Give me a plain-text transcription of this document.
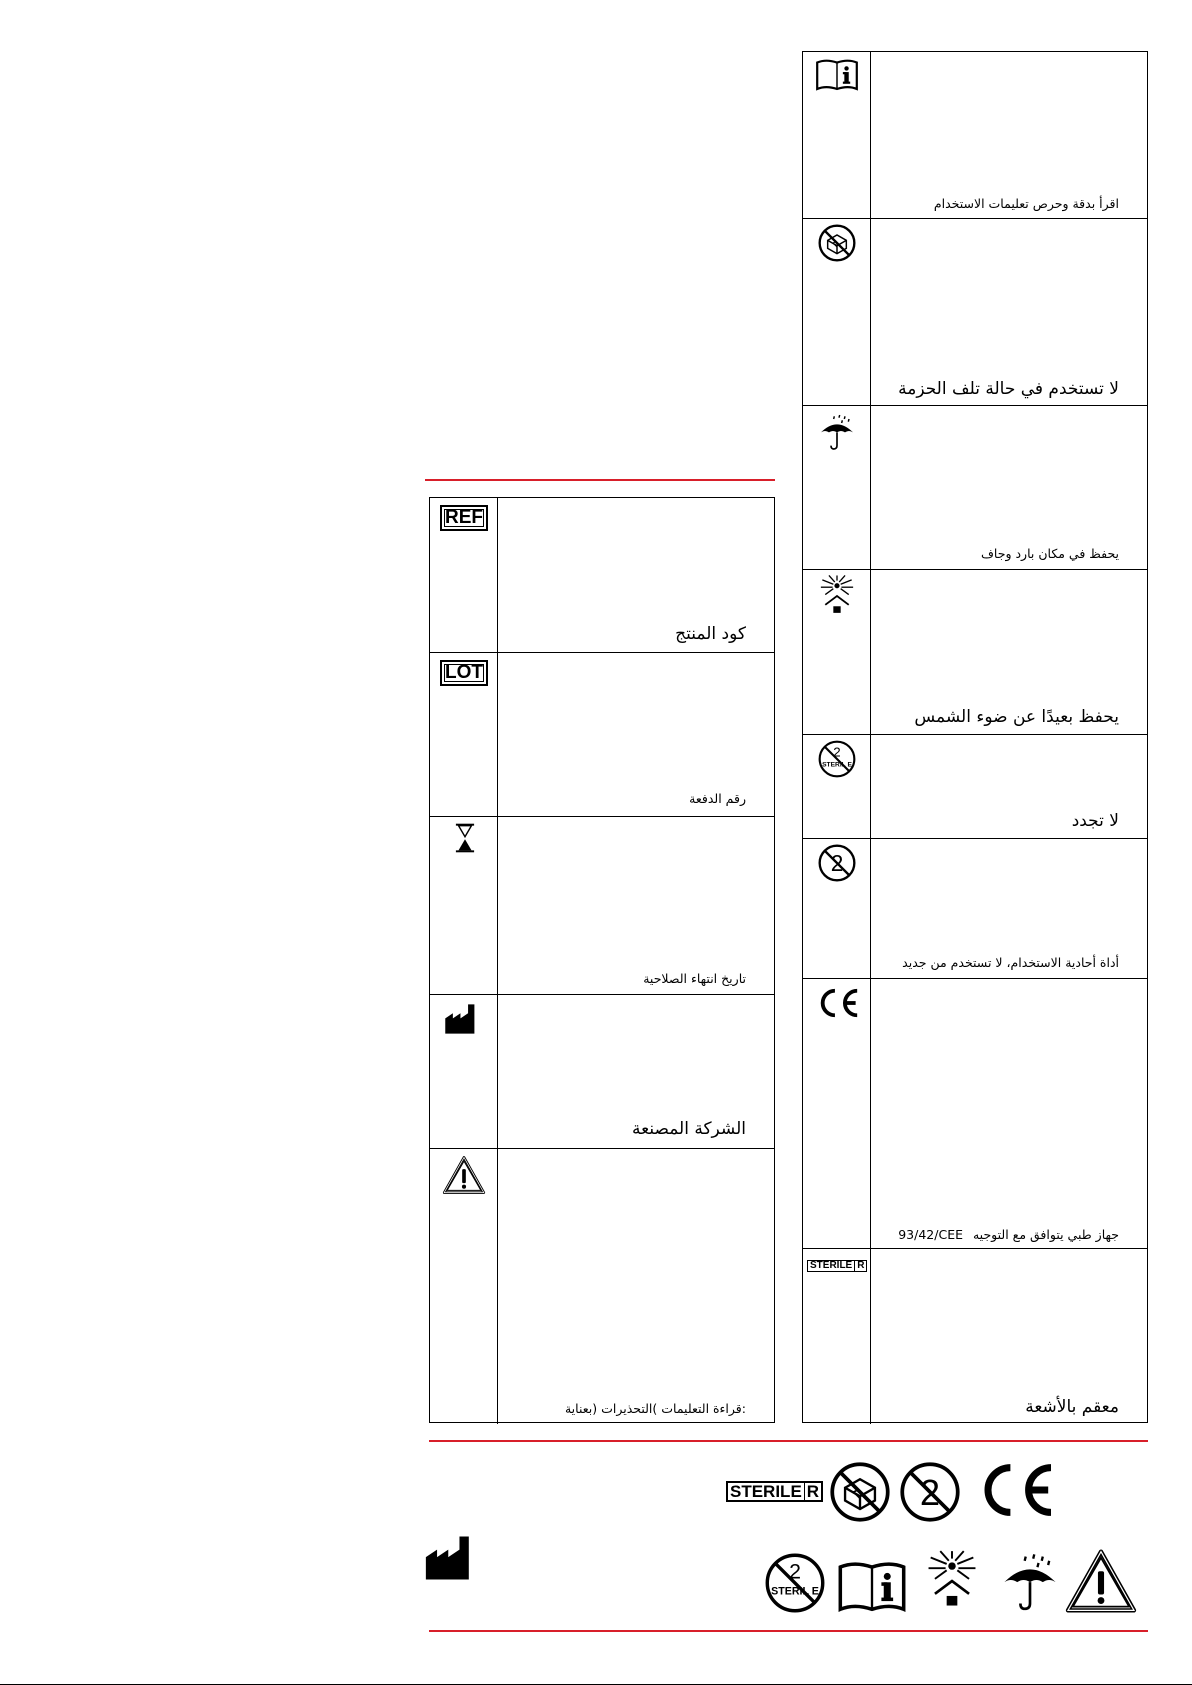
REF
كود المنتج
LOT
رقم الدفعة
تاريخ انتهاء الصلاحية
الشركة المصنعة
:قراءة التعليمات )التحذيرات (بعناية
اقرأ بدقة وحرص تعليمات الاستخدام
لا تستخدم في حالة تلف الحزمة
يحفظ في مكان بارد وجاف
يحفظ بعيدًا عن ضوء الشمس
لا تجدد
أداة أحادية الاستخدام، لا تستخدم من جديد
جهاز طبي يتوافق مع التوجيه 93/42/CEE
STERILE R
معقم بالأشعة
STERILE R
